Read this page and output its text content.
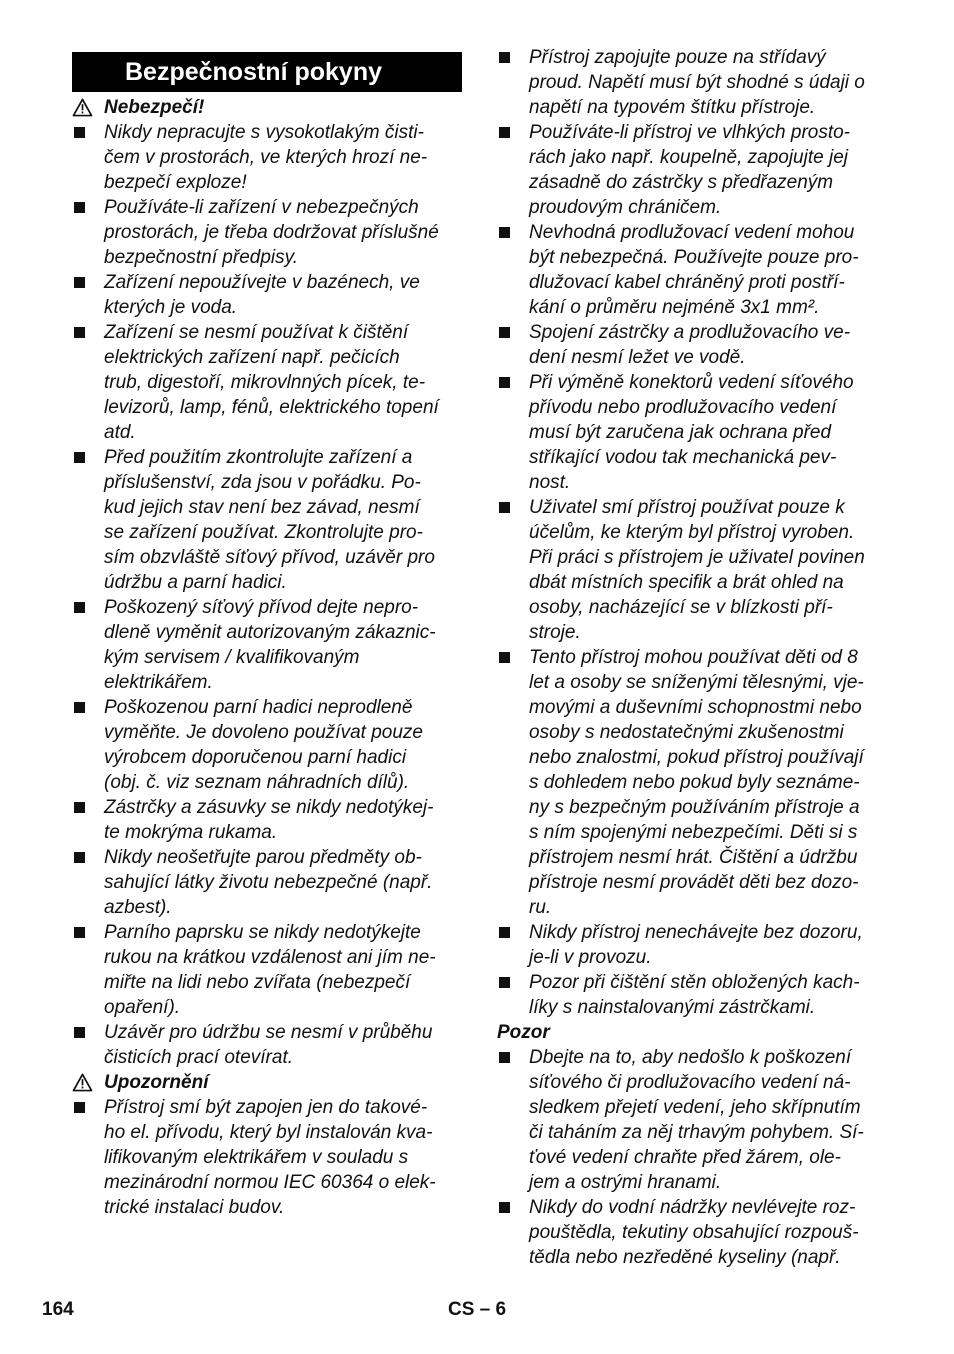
Bezpečnostní pokyny
Nebezpečí!
Nikdy nepracujte s vysokotlakým čisti-
čem v prostorách, ve kterých hrozí ne-
bezpečí exploze!
Používáte-li zařízení v nebezpečných
prostorách, je třeba dodržovat příslušné
bezpečnostní předpisy.
Zařízení nepoužívejte v bazénech, ve
kterých je voda.
Zařízení se nesmí používat k čištění
elektrických zařízení např. pečicích
trub, digestoří, mikrovlnných pícek, te-
levizorů, lamp, fénů, elektrického topení
atd.
Před použitím zkontrolujte zařízení a
příslušenství, zda jsou v pořádku. Po-
kud jejich stav není bez závad, nesmí
se zařízení používat. Zkontrolujte pro-
sím obzvláště síťový přívod, uzávěr pro
údržbu a parní hadici.
Poškozený síťový přívod dejte nepro-
dleně vyměnit autorizovaným zákaznic-
kým servisem / kvalifikovaným
elektrikářem.
Poškozenou parní hadici neprodleně
vyměňte. Je dovoleno používat pouze
výrobcem doporučenou parní hadici
(obj. č. viz seznam náhradních dílů).
Zástrčky a zásuvky se nikdy nedotýkej-
te mokrýma rukama.
Nikdy neošetřujte parou předměty ob-
sahující látky životu nebezpečné (např.
azbest).
Parního paprsku se nikdy nedotýkejte
rukou na krátkou vzdálenost ani jím ne-
miřte na lidi nebo zvířata (nebezpečí
opaření).
Uzávěr pro údržbu se nesmí v průběhu
čisticích prací otevírat.
Upozornění
Přístroj smí být zapojen jen do takové-
ho el. přívodu, který byl instalován kva-
lifikovaným elektrikářem v souladu s
mezinárodní normou IEC 60364 o elek-
trické instalaci budov.
Přístroj zapojujte pouze na střídavý
proud. Napětí musí být shodné s údaji o
napětí na typovém štítku přístroje.
Používáte-li přístroj ve vlhkých prosto-
rách jako např. koupelně, zapojujte jej
zásadně do zástrčky s předřazeným
proudovým chráničem.
Nevhodná prodlužovací vedení mohou
být nebezpečná. Používejte pouze pro-
dlužovací kabel chráněný proti postří-
kání o průměru nejméně 3x1 mm².
Spojení zástrčky a prodlužovacího ve-
dení nesmí ležet ve vodě.
Při výměně konektorů vedení síťového
přívodu nebo prodlužovacího vedení
musí být zaručena jak ochrana před
stříkající vodou tak mechanická pev-
nost.
Uživatel smí přístroj používat pouze k
účelům, ke kterým byl přístroj vyroben.
Při práci s přístrojem je uživatel povinen
dbát místních specifik a brát ohled na
osoby, nacházející se v blízkosti pří-
stroje.
Tento přístroj mohou používat děti od 8
let a osoby se sníženými tělesnými, vje-
movými a duševními schopnostmi nebo
osoby s nedostatečnými zkušenostmi
nebo znalostmi, pokud přístroj používají
s dohledem nebo pokud byly seznáme-
ny s bezpečným používáním přístroje a
s ním spojenými nebezpečími. Děti si s
přístrojem nesmí hrát. Čištění a údržbu
přístroje nesmí provádět děti bez dozo-
ru.
Nikdy přístroj nenechávejte bez dozoru,
je-li v provozu.
Pozor při čištění stěn obložených kach-
líky s nainstalovanými zástrčkami.
Pozor
Dbejte na to, aby nedošlo k poškození
síťového či prodlužovacího vedení ná-
sledkem přejetí vedení, jeho skřípnutím
či taháním za něj trhavým pohybem. Sí-
ťové vedení chraňte před žárem, ole-
jem a ostrými hranami.
Nikdy do vodní nádržky nevlévejte roz-
pouštědla, tekutiny obsahující rozpouš-
tědla nebo nezředěné kyseliny (např.
164	CS – 6
